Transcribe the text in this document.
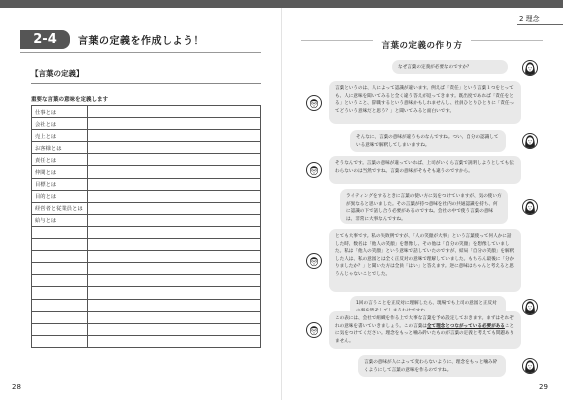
2-4	言葉の定義を作成しよう！
【言葉の定義】
重要な言葉の意味を定義します
仕事とは	
会社とは	
売上とは	
お客様とは	
責任とは	
仲間とは	
目標とは	
目的とは	
経営者と従業員とは	
給与とは	

28
2 理念
言葉の定義の作り方
なぜ言葉の定義が必要なのですか？
言葉というのは、人によって認識が違います。例えば「責任」という言葉１つをとっても、人に意味を聞いてみると全く違う答えが返ってきます。既出度であれば「責任をとる」ということ、辞職するという意味かもしれませんし、社員ひとりひとりに「責任ってどういう意味だと思う？」と聞いてみると面白いです。
そんなに、言葉の意味が違うものなんですね。つい、自分の認識している意味で解釈してしまいますね。
そうなんです。言葉の意味が違っていれば、上司がいくら言葉で説明しようとしても伝わらないのは当然ですね。言葉の意味がそもそも違うのですから。
ライティングをするときに言葉の使い方に気をつけていますが、気の使い方が異なると思いました。その言葉が持つ意味を社内の共通認識を持ち、何に認識の下で話し合う必要があるのですね。会社の中で使う言葉の意味は、非常に大事なんですね。
とても大事です。私の失敗例ですが、「人の笑顔が大事」という言葉使って何人かに話した時、数名は「他人の笑顔」を想像し、その他は「自分の笑顔」を想像していました。私は「他人の笑顔」という意味で話していたのですが、結局「自分の笑顔」を解釈した人は、私の意図とは全く正反対の意味で理解していました。もちろん最後に「分かりましたか？」と聞いた方は全員「はい」と答えます。逆に意味はちゃんと考えると思うんじゃないことでした。
1回の言うことを正反対に理解したら、現場でも上司の意図と正反対
この表には、会社で組織を作る上で大事な言葉を予め設定しておきます。まずはそれぞれの意味を書いていきましょう。この言葉は全て理念とつながっている必要があることに気をつけてください。理念をもっと噛み砕いたものが言葉の定義と考えても問題ありません。
言葉の意味が人によって変わらないように、理念をもっと噛み砕くようにして言葉の意味を作るのですね。
29
